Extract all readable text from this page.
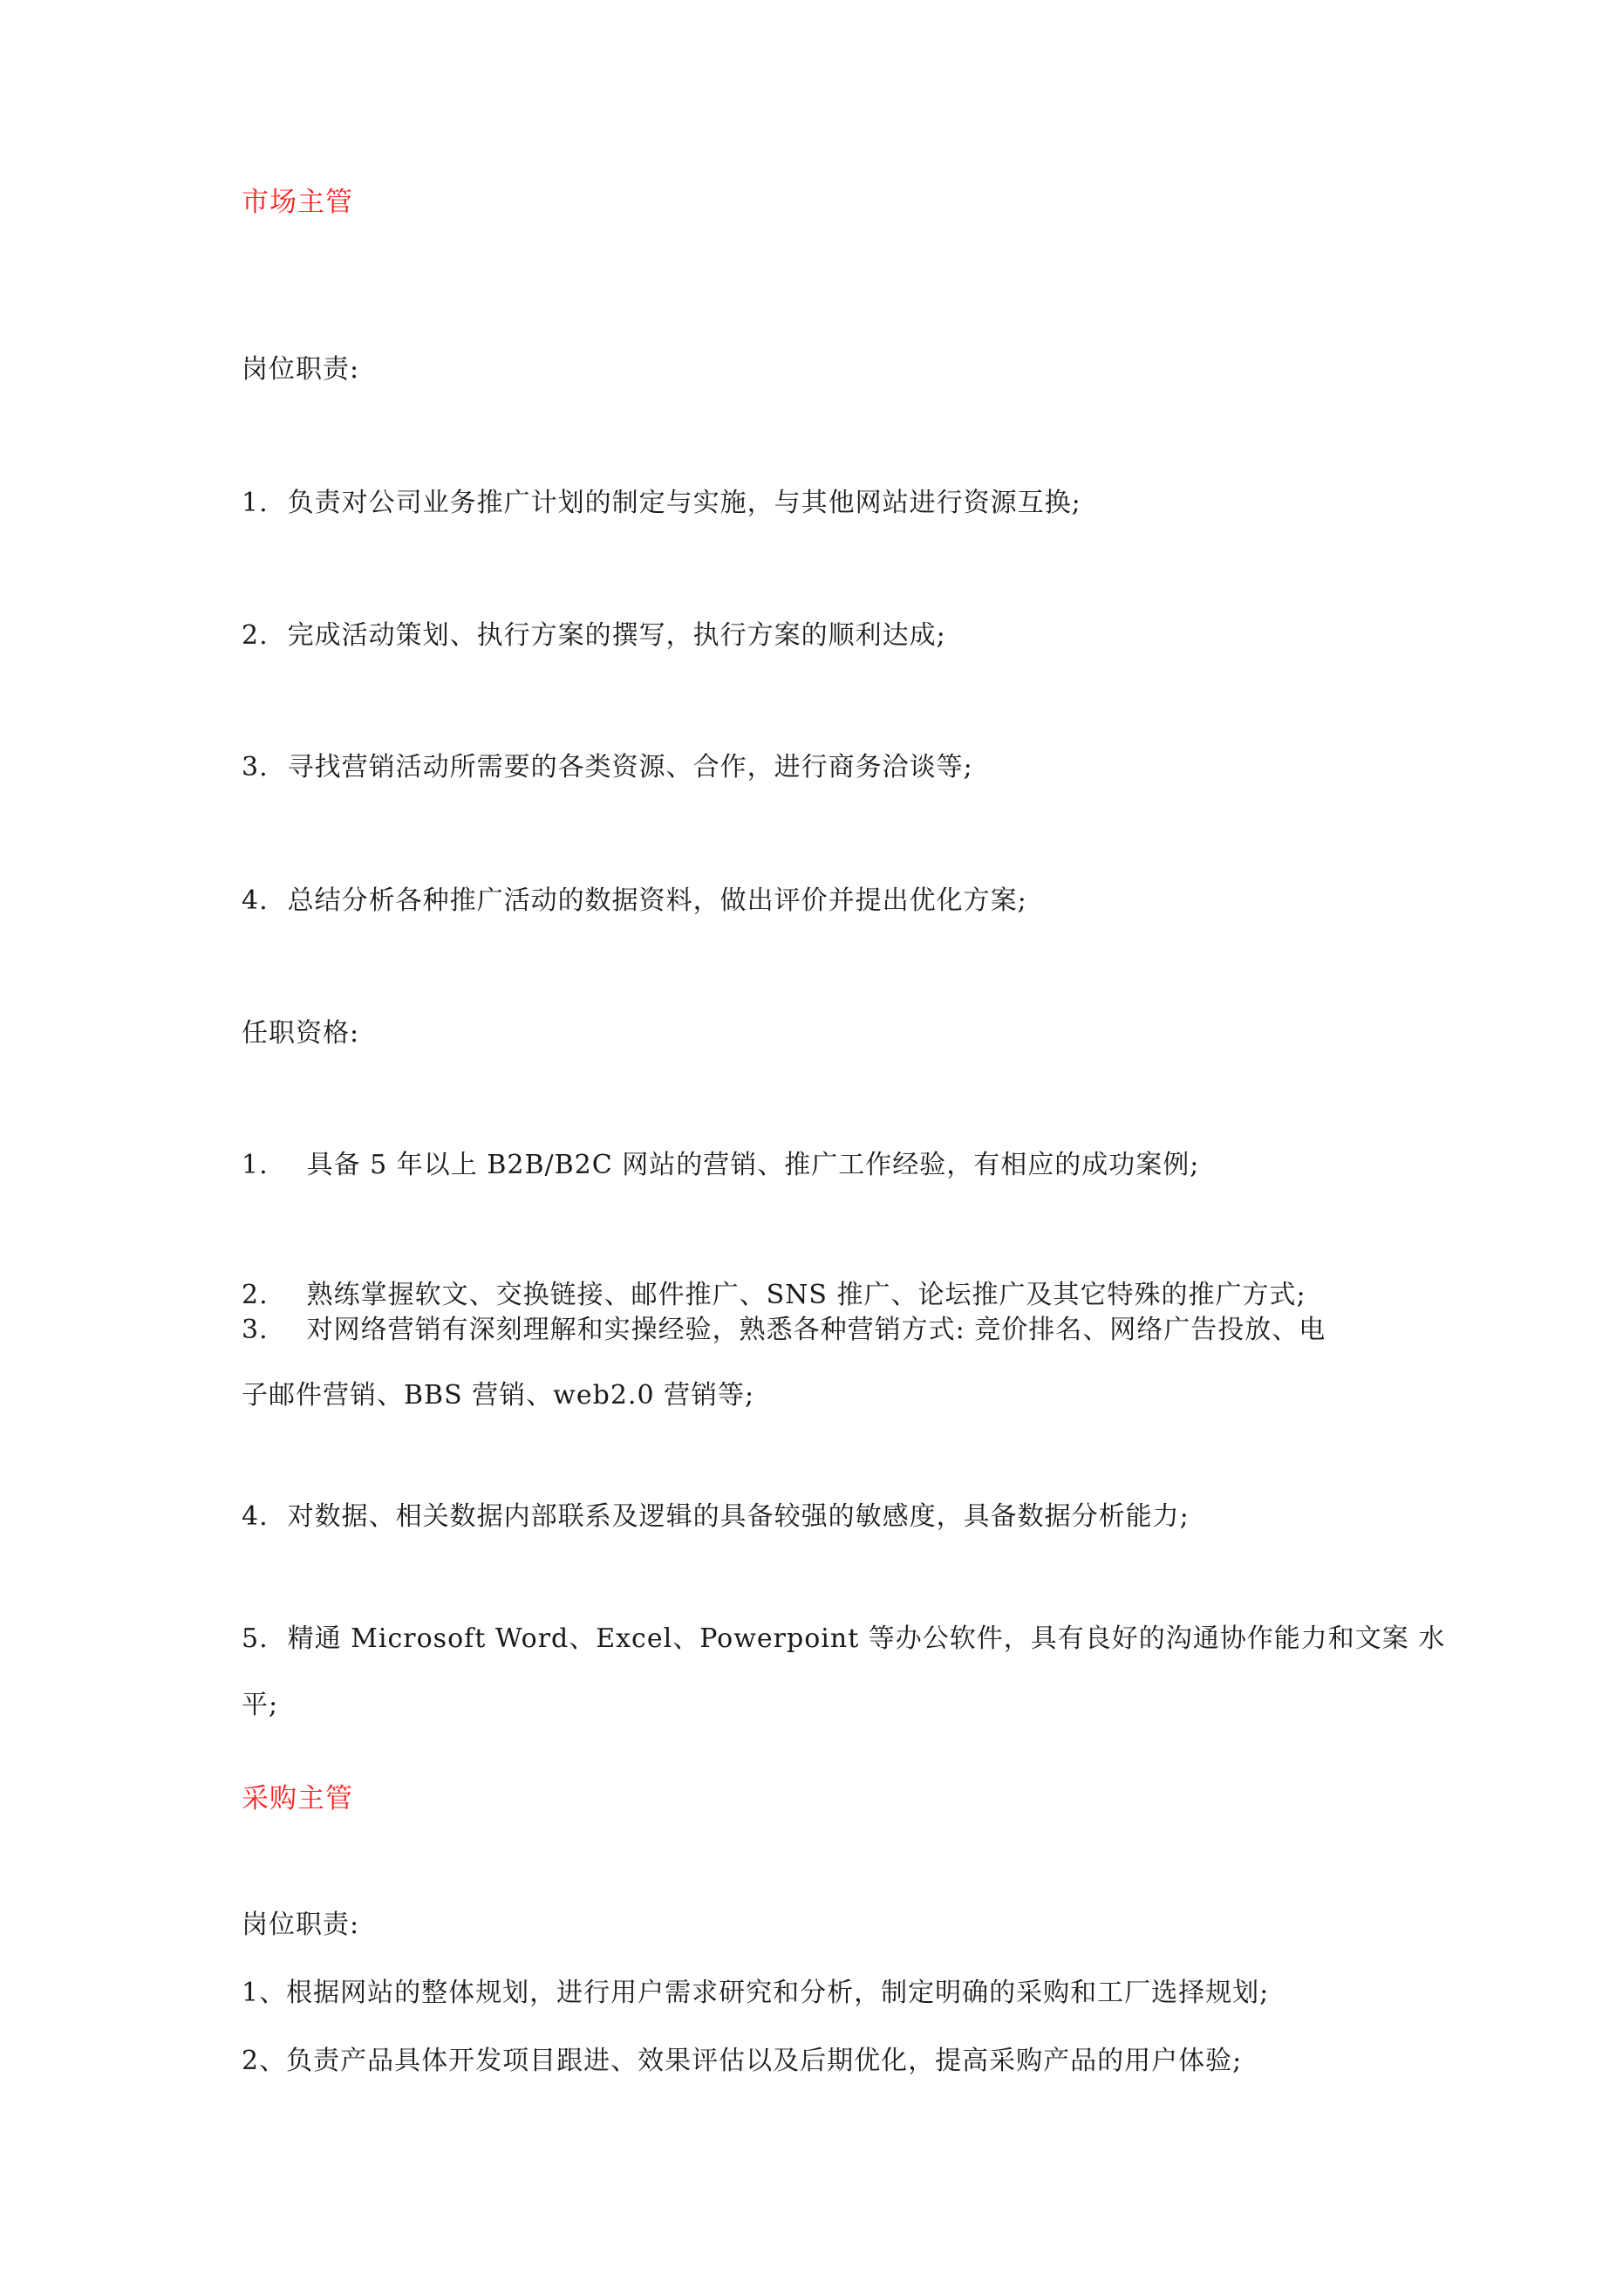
市场主管

岗位职责:

1. 负责对公司业务推广计划的制定与实施，与其他网站进行资源互换;

2. 完成活动策划、执行方案的撰写，执行方案的顺利达成;

3. 寻找营销活动所需要的各类资源、合作，进行商务洽谈等;

4. 总结分析各种推广活动的数据资料，做出评价并提出优化方案;

任职资格:

1. 具备 5 年以上 B2B/B2C 网站的营销、推广工作经验，有相应的成功案例;

2. 熟练掌握软文、交换链接、邮件推广、SNS 推广、论坛推广及其它特殊的推广方式;

3. 对网络营销有深刻理解和实操经验，熟悉各种营销方式: 竞价排名、网络广告投放、电

子邮件营销、BBS 营销、web2.0 营销等;

4. 对数据、相关数据内部联系及逻辑的具备较强的敏感度，具备数据分析能力;

5. 精通 Microsoft Word、Excel、Powerpoint 等办公软件，具有良好的沟通协作能力和文案 水

平;

采购主管

岗位职责:

1、根据网站的整体规划，进行用户需求研究和分析，制定明确的采购和工厂选择规划;

2、负责产品具体开发项目跟进、效果评估以及后期优化，提高采购产品的用户体验;
